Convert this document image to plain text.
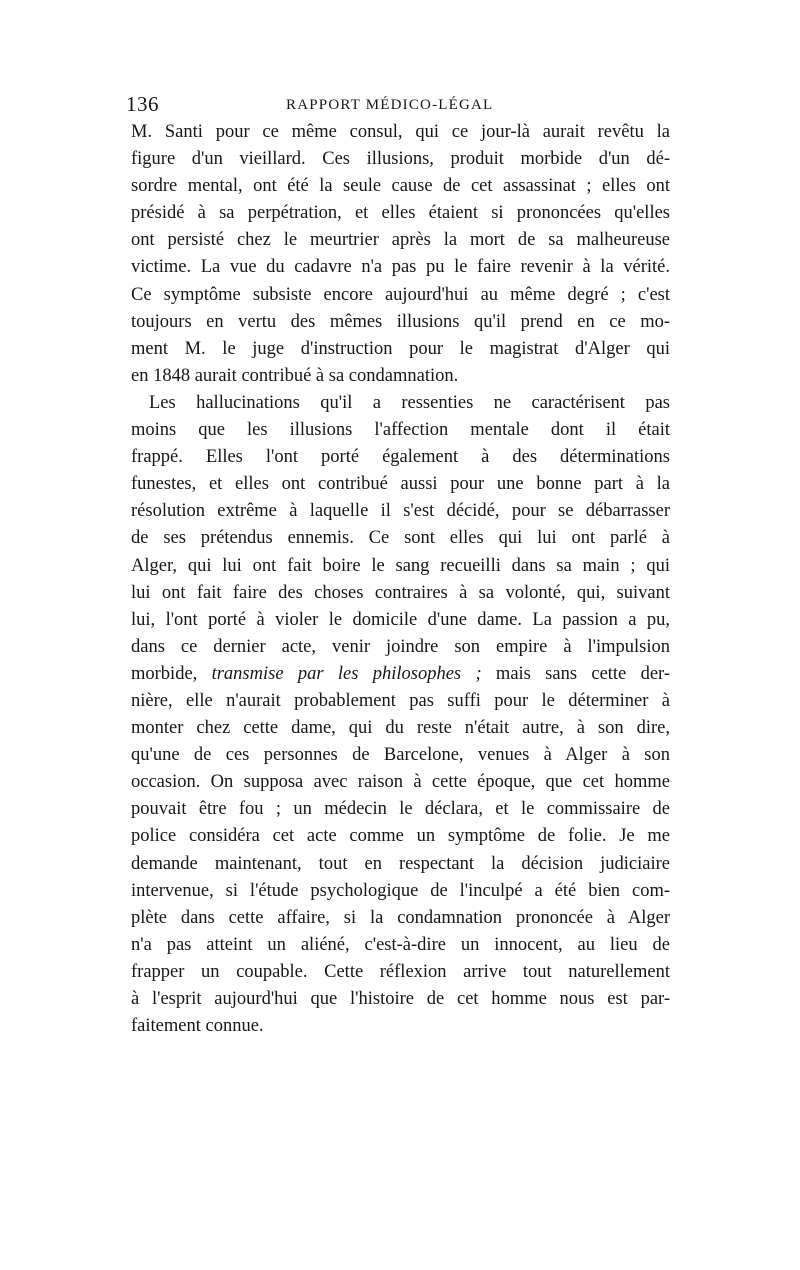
136	RAPPORT MÉDICO-LÉGAL
M. Santi pour ce même consul, qui ce jour-là aurait revêtu la
figure d'un vieillard. Ces illusions, produit morbide d'un dé-
sordre mental, ont été la seule cause de cet assassinat ; elles ont
présidé à sa perpétration, et elles étaient si prononcées qu'elles
ont persisté chez le meurtrier après la mort de sa malheureuse
victime. La vue du cadavre n'a pas pu le faire revenir à la vérité.
Ce symptôme subsiste encore aujourd'hui au même degré ; c'est
toujours en vertu des mêmes illusions qu'il prend en ce mo-
ment M. le juge d'instruction pour le magistrat d'Alger qui
en 1848 aurait contribué à sa condamnation.
Les hallucinations qu'il a ressenties ne caractérisent pas
moins que les illusions l'affection mentale dont il était
frappé. Elles l'ont porté également à des déterminations
funestes, et elles ont contribué aussi pour une bonne part à la
résolution extrême à laquelle il s'est décidé, pour se débarrasser
de ses prétendus ennemis. Ce sont elles qui lui ont parlé à
Alger, qui lui ont fait boire le sang recueilli dans sa main ; qui
lui ont fait faire des choses contraires à sa volonté, qui, suivant
lui, l'ont porté à violer le domicile d'une dame. La passion a pu,
dans ce dernier acte, venir joindre son empire à l'impulsion
morbide, transmise par les philosophes ; mais sans cette der-
nière, elle n'aurait probablement pas suffi pour le déterminer à
monter chez cette dame, qui du reste n'était autre, à son dire,
qu'une de ces personnes de Barcelone, venues à Alger à son
occasion. On supposa avec raison à cette époque, que cet homme
pouvait être fou ; un médecin le déclara, et le commissaire de
police considéra cet acte comme un symptôme de folie. Je me
demande maintenant, tout en respectant la décision judiciaire
intervenue, si l'étude psychologique de l'inculpé a été bien com-
plète dans cette affaire, si la condamnation prononcée à Alger
n'a pas atteint un aliéné, c'est-à-dire un innocent, au lieu de
frapper un coupable. Cette réflexion arrive tout naturellement
à l'esprit aujourd'hui que l'histoire de cet homme nous est par-
faitement connue.
